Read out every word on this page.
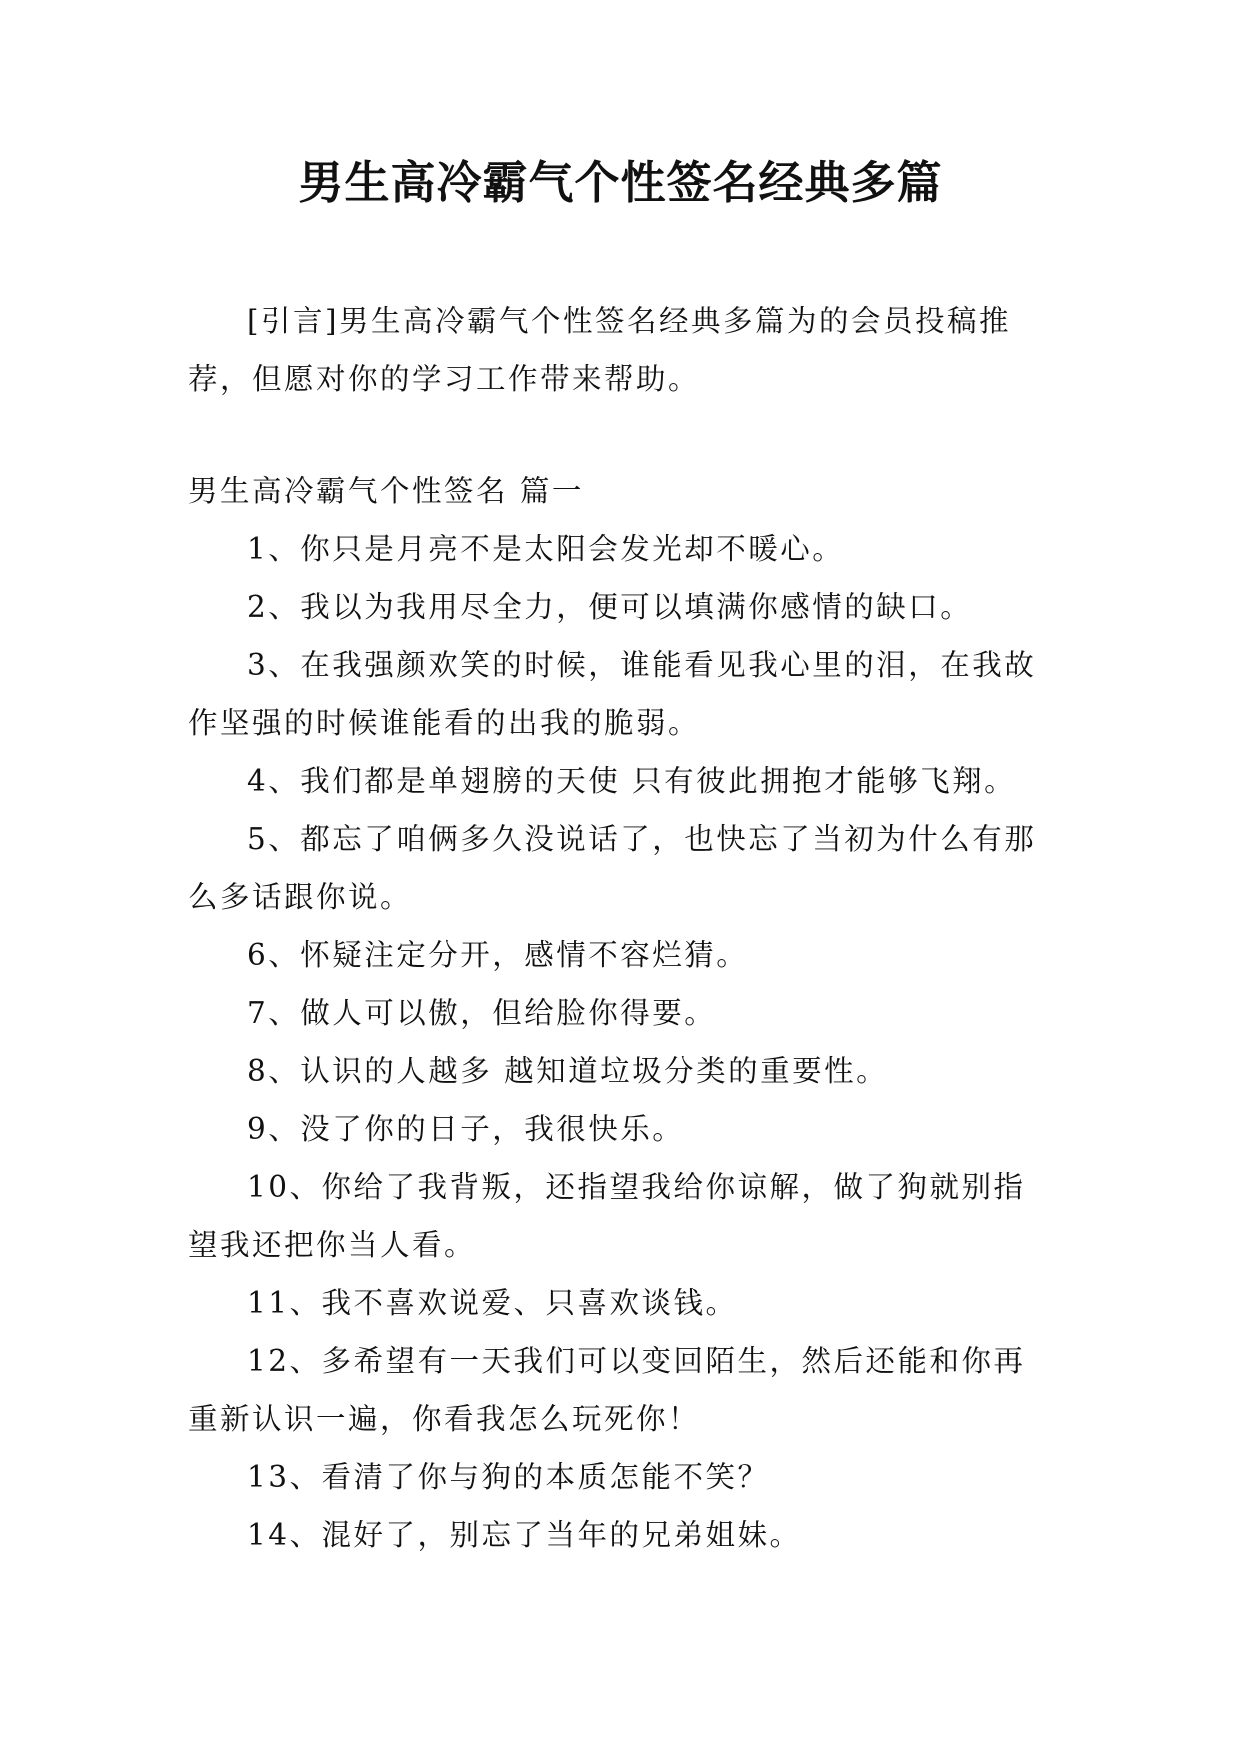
男生高冷霸气个性签名经典多篇

[引言]男生高冷霸气个性签名经典多篇为的会员投稿推荐，但愿对你的学习工作带来帮助。

男生高冷霸气个性签名 篇一

1、你只是月亮不是太阳会发光却不暖心。

2、我以为我用尽全力，便可以填满你感情的缺口。

3、在我强颜欢笑的时候，谁能看见我心里的泪，在我故作坚强的时候谁能看的出我的脆弱。

4、我们都是单翅膀的天使 只有彼此拥抱才能够飞翔。

5、都忘了咱俩多久没说话了，也快忘了当初为什么有那么多话跟你说。

6、怀疑注定分开，感情不容烂猜。

7、做人可以傲，但给脸你得要。

8、认识的人越多 越知道垃圾分类的重要性。

9、没了你的日子，我很快乐。

10、你给了我背叛，还指望我给你谅解，做了狗就别指望我还把你当人看。

11、我不喜欢说爱、只喜欢谈钱。

12、多希望有一天我们可以变回陌生，然后还能和你再重新认识一遍，你看我怎么玩死你！

13、看清了你与狗的本质怎能不笑？

14、混好了，别忘了当年的兄弟姐妹。
